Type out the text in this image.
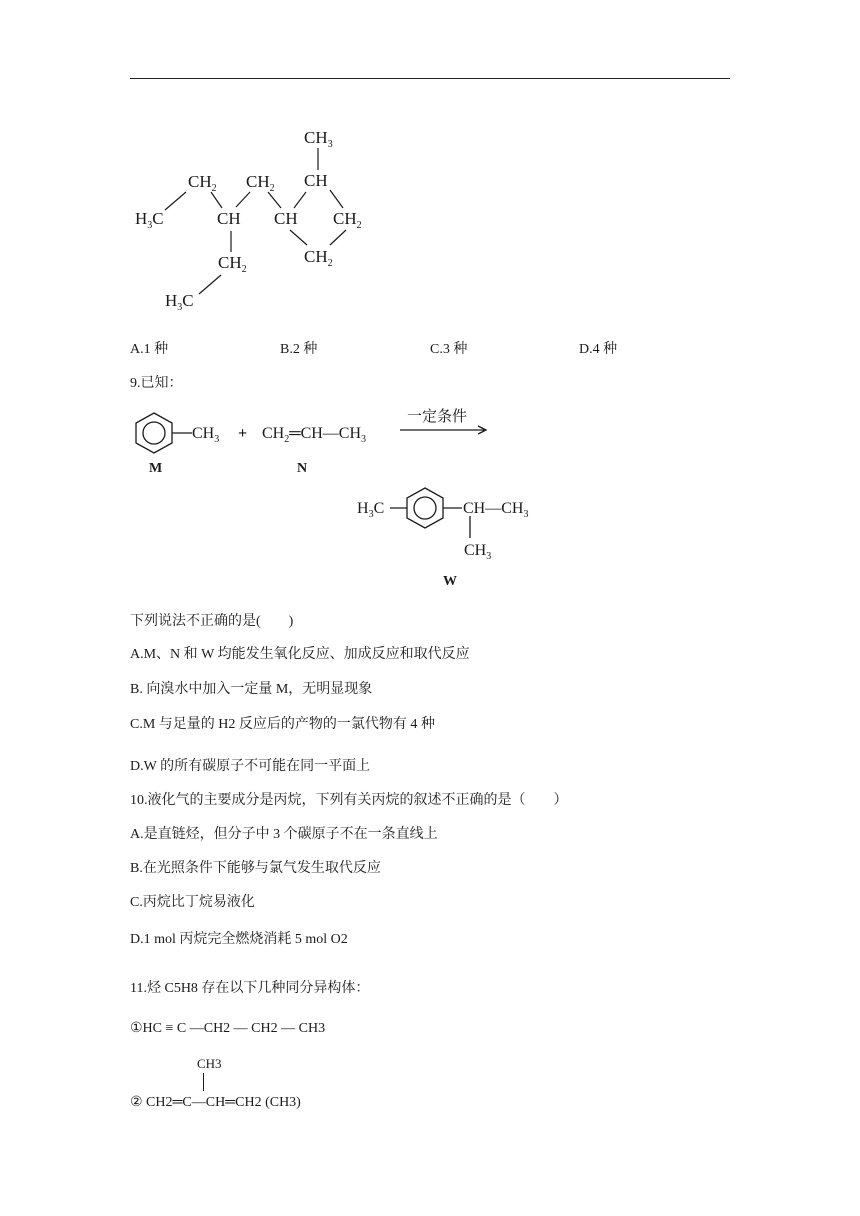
$CH_3$
CH
$CH_2$ $CH_2$
$H_3C$	CH CH $CH_2$
$CH_2$
$CH_2$
$H_3C$
A.1 种	B.2 种	C.3 种	D.4 种
9.已知：
$CH_3$ + $CH_2═CH—CH_3$
一定条件
M	N
$H_3C$	$CH—CH_3$
$CH_3$
W
下列说法不正确的是(　　)
A.M、N 和 W 均能发生氧化反应、加成反应和取代反应
B. 向溴水中加入一定量 M，无明显现象
C.M 与足量的 H2 反应后的产物的一氯代物有 4 种
D.W 的所有碳原子不可能在同一平面上
10.液化气的主要成分是丙烷，下列有关丙烷的叙述不正确的是（　　）
A.是直链烃，但分子中 3 个碳原子不在一条直线上
B.在光照条件下能够与氯气发生取代反应
C.丙烷比丁烷易液化
D.1 mol 丙烷完全燃烧消耗 5 mol O2
11.烃 C5H8 存在以下几种同分异构体：
①HC ≡ C —CH2 — CH2 — CH3
② CH2═C—CH═CH2 (CH3)
CH3
